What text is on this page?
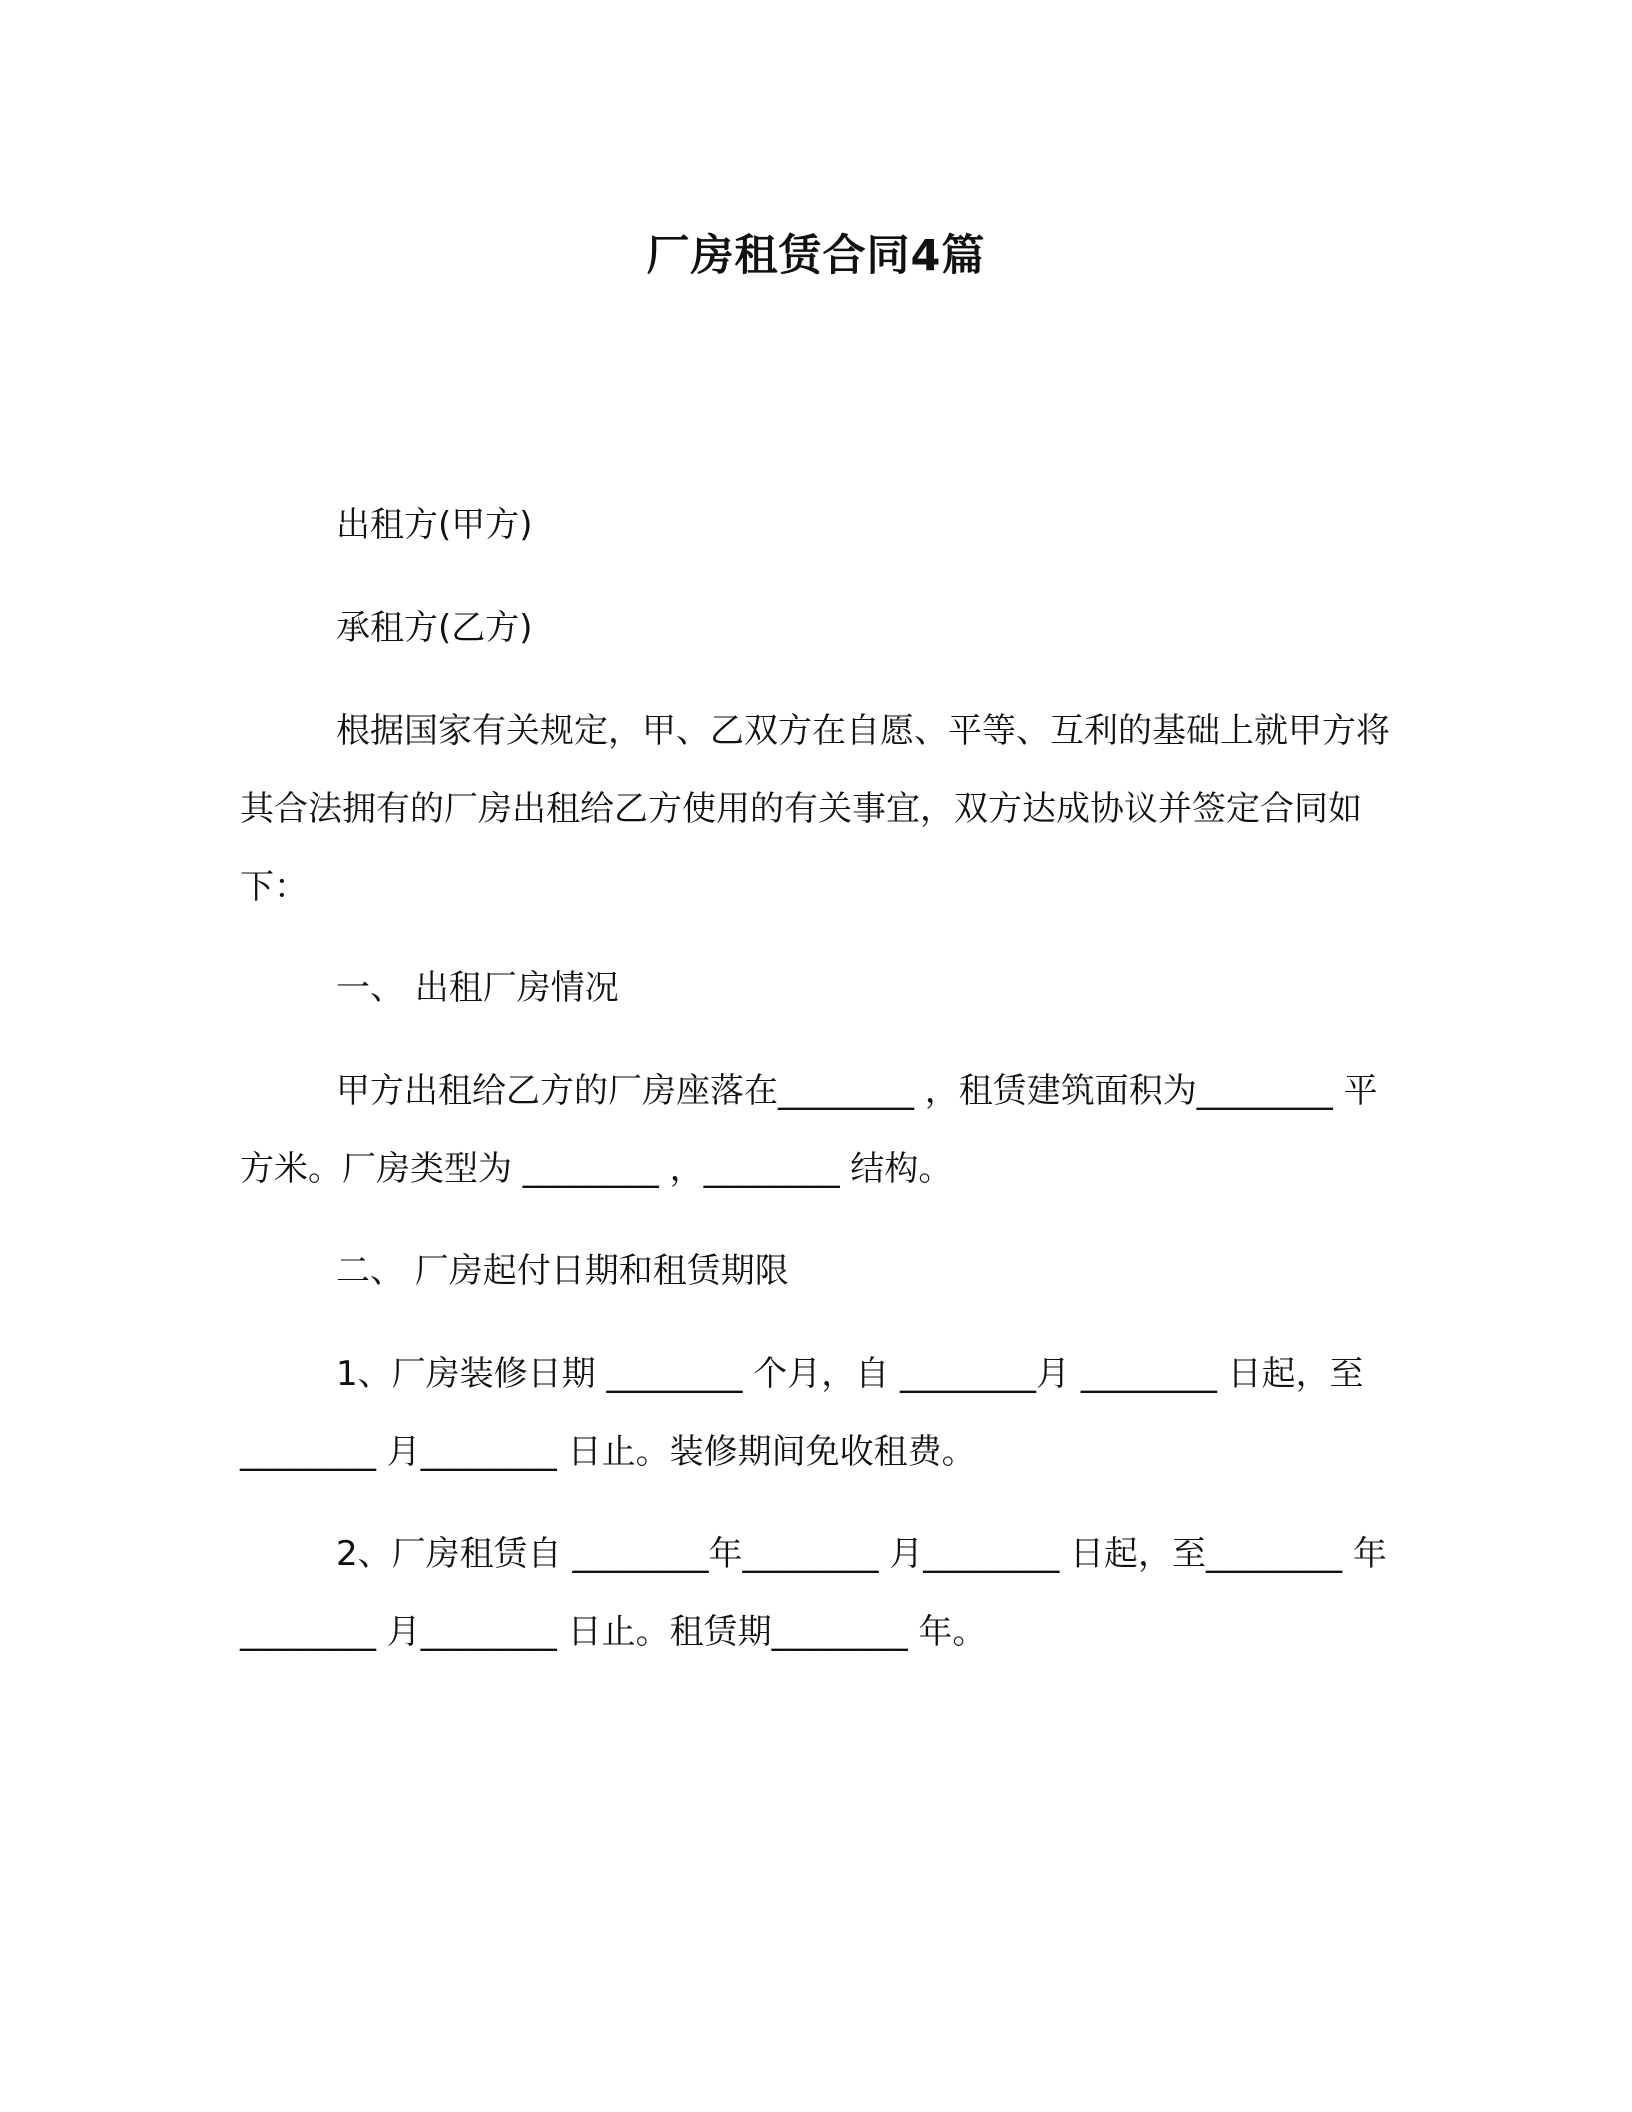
厂房租赁合同4篇

出租方(甲方)

承租方(乙方)

根据国家有关规定，甲、乙双方在自愿、平等、互利的基础上就甲方将其合法拥有的厂房出租给乙方使用的有关事宜，双方达成协议并签定合同如下：

一、 出租厂房情况

甲方出租给乙方的厂房座落在________ ，租赁建筑面积为________ 平方米。厂房类型为 ________ ，________ 结构。

二、 厂房起付日期和租赁期限

1、厂房装修日期 ________ 个月，自 ________月 ________ 日起，至 ________ 月________ 日止。装修期间免收租费。

2、厂房租赁自 ________年________ 月________ 日起，至________ 年________ 月________ 日止。租赁期________ 年。
